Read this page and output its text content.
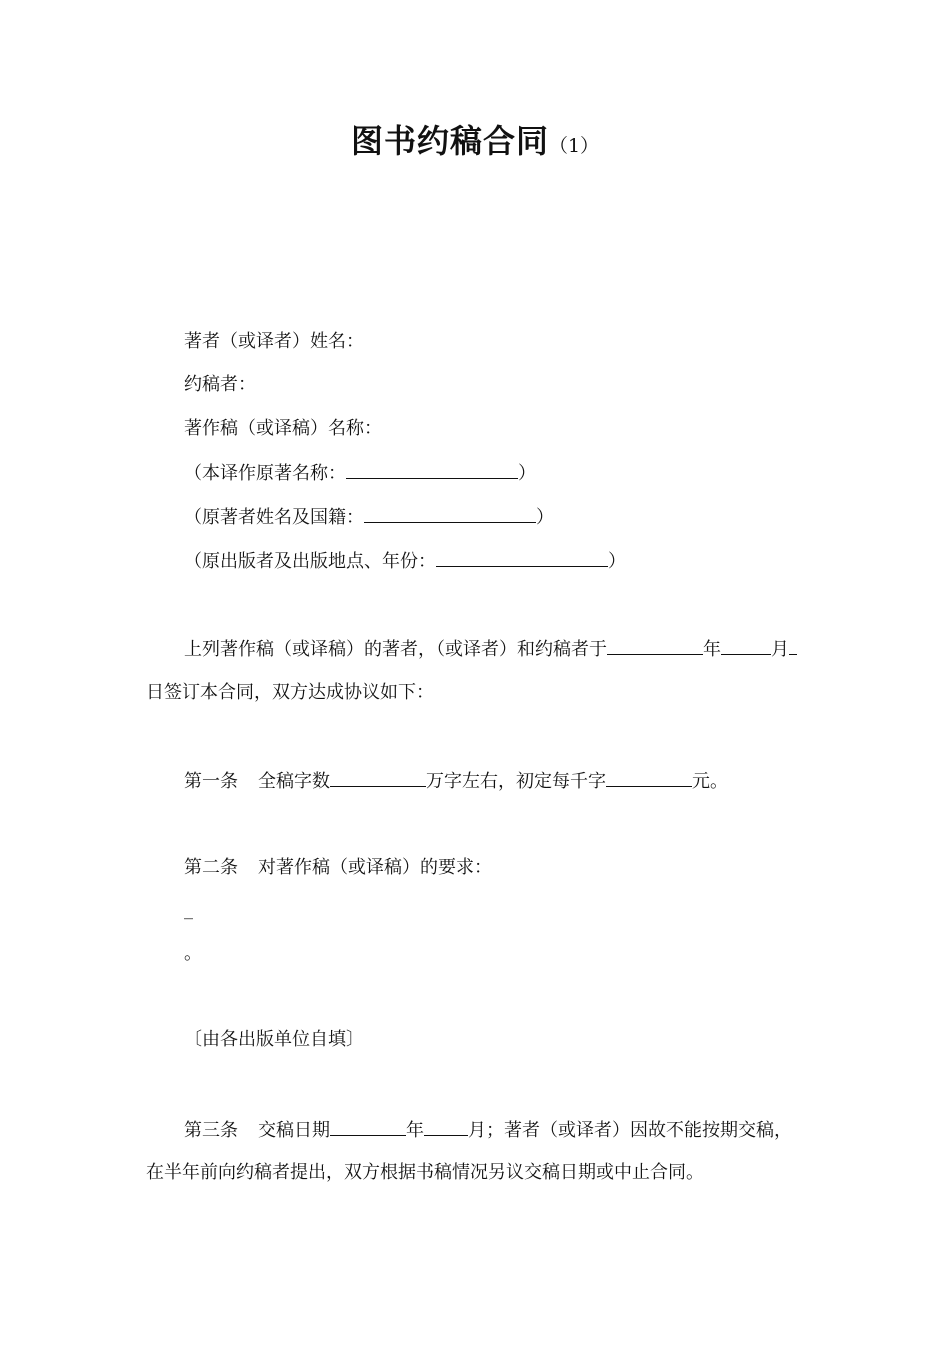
图书约稿合同（1）
著者（或译者）姓名：
约稿者：
著作稿（或译稿）名称：
（本译作原著名称：	）
（原著者姓名及国籍：	）
（原出版者及出版地点、年份：	）
上列著作稿（或译稿）的著者，（或译者）和约稿者于	年	月
日签订本合同，双方达成协议如下：
第一条 全稿字数	万字左右，初定每千字	元。
第二条 对著作稿（或译稿）的要求：
_
。
〔由各出版单位自填〕
第三条 交稿日期	年 月；著者（或译者）因故不能按期交稿，
在半年前向约稿者提出，双方根据书稿情况另议交稿日期或中止合同。
